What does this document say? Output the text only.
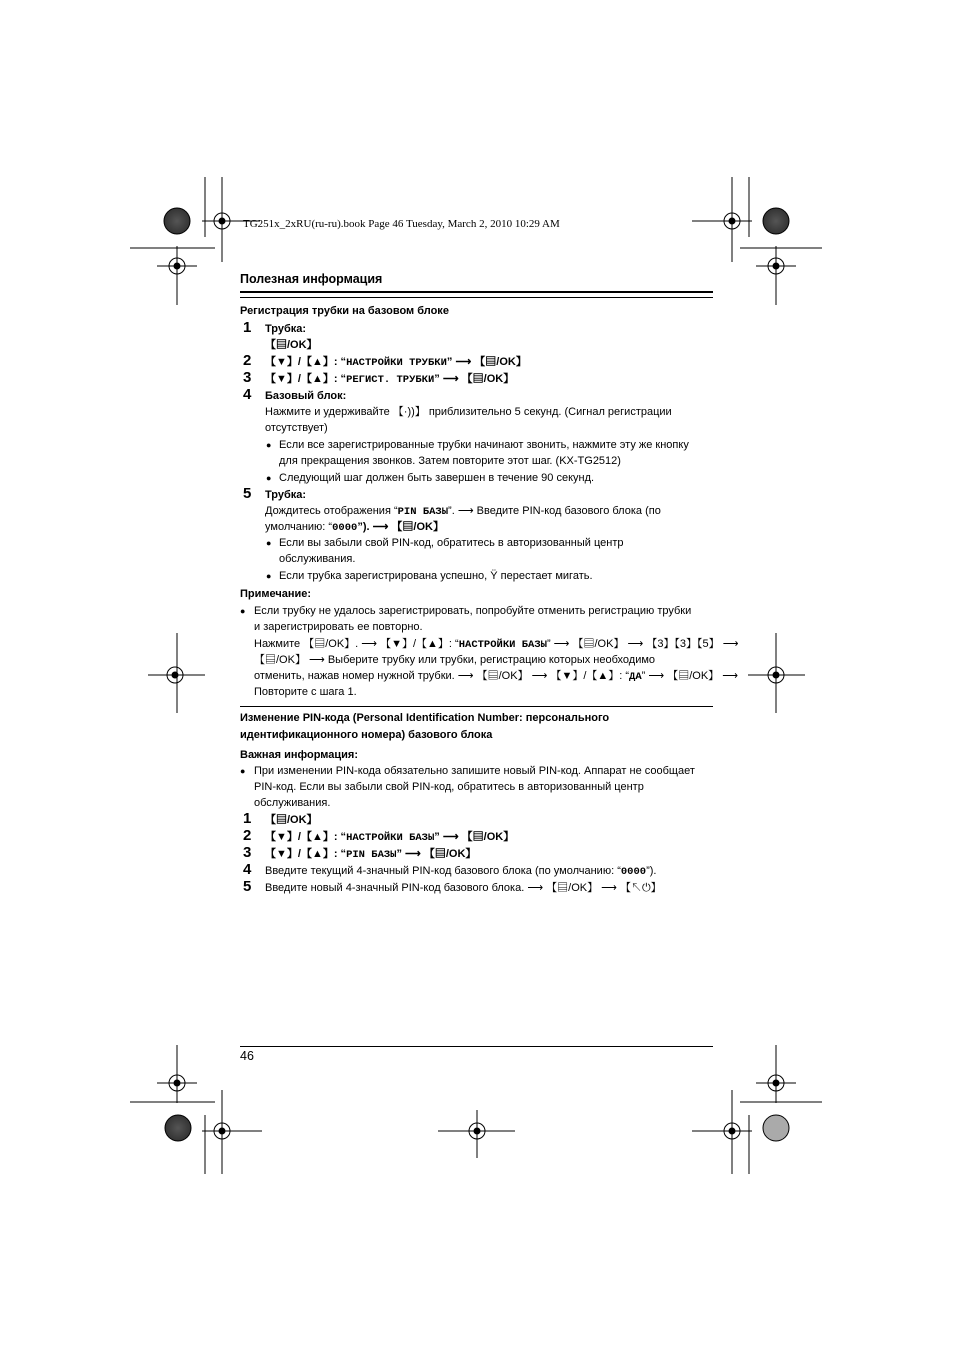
TG251x_2xRU(ru-ru).book Page 46 Tuesday, March 2, 2010 10:29 AM
Полезная информация
Регистрация трубки на базовом блоке
1 Трубка:
【▤/OK】
2 【▼】/【▲】: “НАСТРОЙКИ ТРУБКИ” ⟶ 【▤/OK】
3 【▼】/【▲】: “РЕГИСТ. ТРУБКИ” ⟶ 【▤/OK】
4 Базовый блок:
Нажмите и удерживайте 【·))】 приблизительно 5 секунд. (Сигнал регистрации
отсутствует)
● Если все зарегистрированные трубки начинают звонить, нажмите эту же кнопку
для прекращения звонков. Затем повторите этот шаг. (KX-TG2512)
● Следующий шаг должен быть завершен в течение 90 секунд.
5 Трубка:
Дождитесь отображения “PIN БАЗЫ”. ⟶ Введите PIN-код базового блока (по
умолчанию: “0000”). ⟶ 【▤/OK】
● Если вы забыли свой PIN-код, обратитесь в авторизованный центр
обслуживания.
● Если трубка зарегистрирована успешно, Ÿ перестает мигать.
Примечание:
● Если трубку не удалось зарегистрировать, попробуйте отменить регистрацию трубки
и зарегистрировать ее повторно.
Нажмите 【▤/OK】. ⟶ 【▼】/【▲】: “НАСТРОЙКИ БАЗЫ” ⟶ 【▤/OK】 ⟶ 【3】【3】【5】 ⟶
【▤/OK】 ⟶ Выберите трубку или трубки, регистрацию которых необходимо
отменить, нажав номер нужной трубки. ⟶ 【▤/OK】 ⟶ 【▼】/【▲】: “ДА” ⟶ 【▤/OK】 ⟶
Повторите с шага 1.
Изменение PIN-кода (Personal Identification Number: персонального
идентификационного номера) базового блока
Важная информация:
● При изменении PIN-кода обязательно запишите новый PIN-код. Аппарат не сообщает
PIN-код. Если вы забыли свой PIN-код, обратитесь в авторизованный центр
обслуживания.
1 【▤/OK】
2 【▼】/【▲】: “НАСТРОЙКИ БАЗЫ” ⟶ 【▤/OK】
3 【▼】/【▲】: “PIN БАЗЫ” ⟶ 【▤/OK】
4 Введите текущий 4-значный PIN-код базового блока (по умолчанию: “0000”).
5 Введите новый 4-значный PIN-код базового блока. ⟶ 【▤/OK】 ⟶ 【↖⏻】
46
